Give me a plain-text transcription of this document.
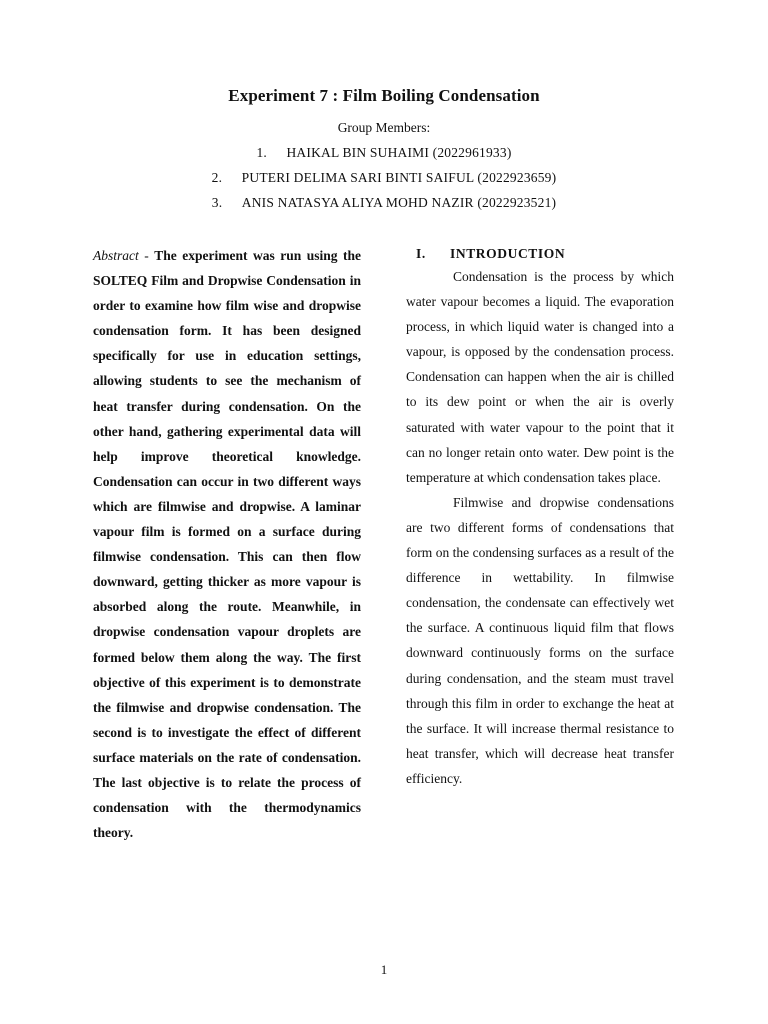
Experiment 7 : Film Boiling Condensation
Group Members:
1. HAIKAL BIN SUHAIMI (2022961933)
2. PUTERI DELIMA SARI BINTI SAIFUL (2022923659)
3. ANIS NATASYA ALIYA MOHD NAZIR (2022923521)
Abstract - The experiment was run using the SOLTEQ Film and Dropwise Condensation in order to examine how film wise and dropwise condensation form. It has been designed specifically for use in education settings, allowing students to see the mechanism of heat transfer during condensation. On the other hand, gathering experimental data will help improve theoretical knowledge. Condensation can occur in two different ways which are filmwise and dropwise. A laminar vapour film is formed on a surface during filmwise condensation. This can then flow downward, getting thicker as more vapour is absorbed along the route. Meanwhile, in dropwise condensation vapour droplets are formed below them along the way. The first objective of this experiment is to demonstrate the filmwise and dropwise condensation. The second is to investigate the effect of different surface materials on the rate of condensation. The last objective is to relate the process of condensation with the thermodynamics theory.
I. INTRODUCTION

Condensation is the process by which water vapour becomes a liquid. The evaporation process, in which liquid water is changed into a vapour, is opposed by the condensation process. Condensation can happen when the air is chilled to its dew point or when the air is overly saturated with water vapour to the point that it can no longer retain onto water. Dew point is the temperature at which condensation takes place.

Filmwise and dropwise condensations are two different forms of condensations that form on the condensing surfaces as a result of the difference in wettability. In filmwise condensation, the condensate can effectively wet the surface. A continuous liquid film that flows downward continuously forms on the surface during condensation, and the steam must travel through this film in order to exchange the heat at the surface. It will increase thermal resistance to heat transfer, which will decrease heat transfer efficiency.

1
